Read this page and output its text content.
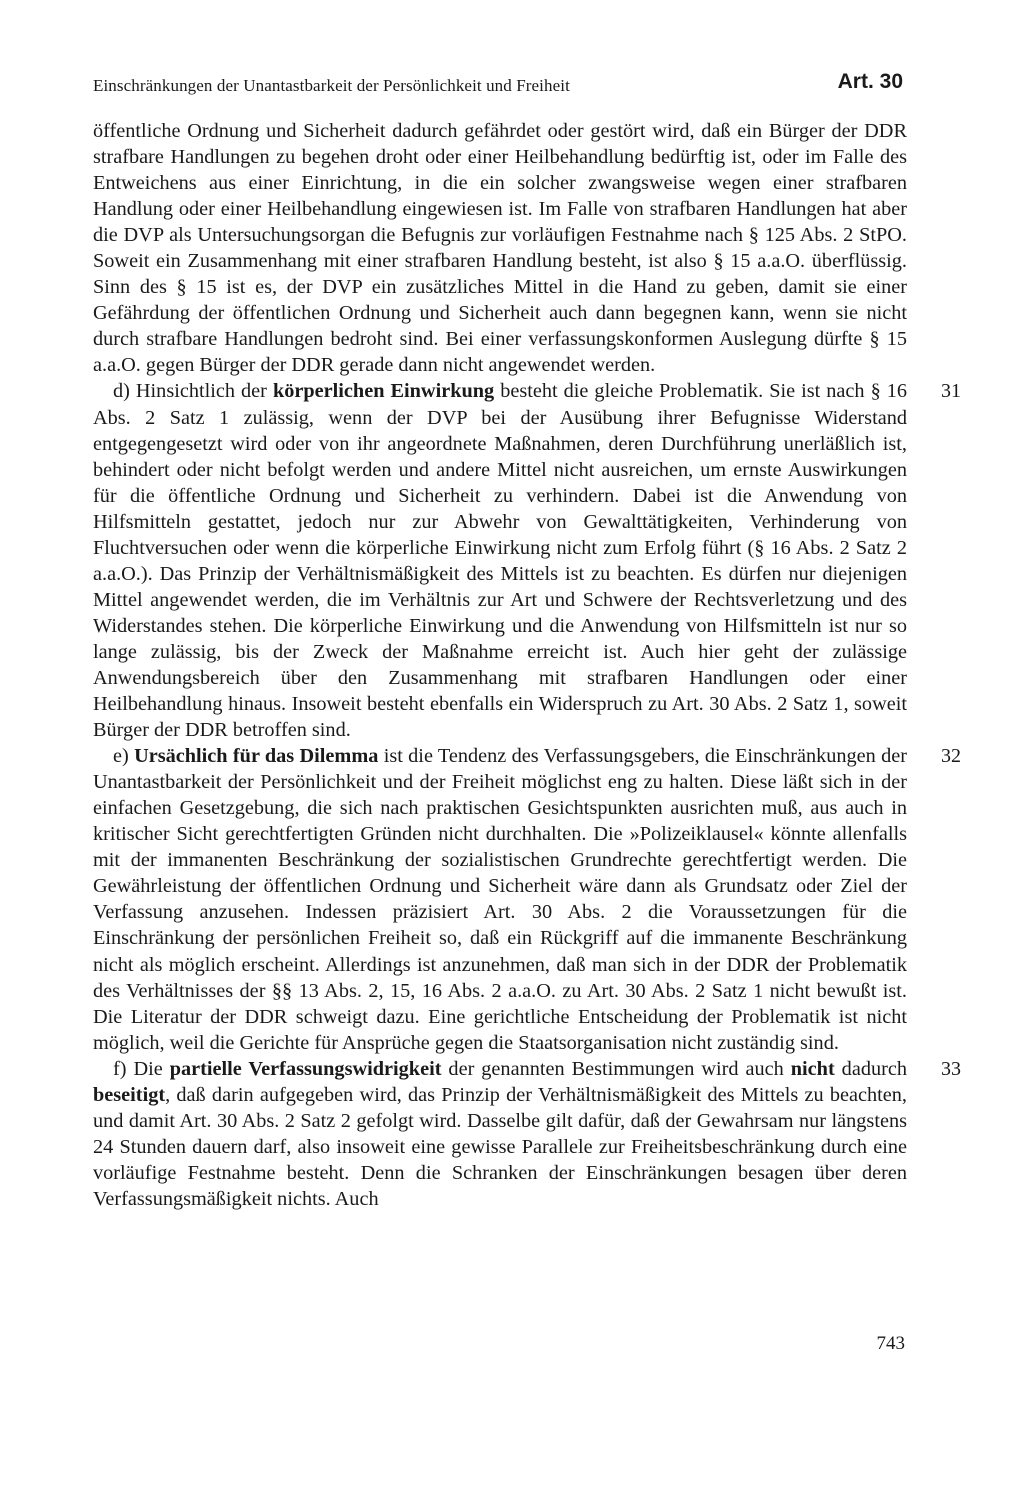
Einschränkungen der Unantastbarkeit der Persönlichkeit und Freiheit	Art. 30

öffentliche Ordnung und Sicherheit dadurch gefährdet oder gestört wird, daß ein Bürger der DDR strafbare Handlungen zu begehen droht oder einer Heilbehandlung bedürftig ist, oder im Falle des Entweichens aus einer Einrichtung, in die ein solcher zwangsweise wegen einer strafbaren Handlung oder einer Heilbehandlung eingewiesen ist. Im Falle von strafbaren Handlungen hat aber die DVP als Untersuchungsorgan die Befugnis zur vorläufigen Festnahme nach § 125 Abs. 2 StPO. Soweit ein Zusammenhang mit einer strafbaren Handlung besteht, ist also § 15 a.a.O. überflüssig. Sinn des § 15 ist es, der DVP ein zusätzliches Mittel in die Hand zu geben, damit sie einer Gefährdung der öffentlichen Ordnung und Sicherheit auch dann begegnen kann, wenn sie nicht durch strafbare Handlungen bedroht sind. Bei einer verfassungskonformen Auslegung dürfte § 15 a.a.O. gegen Bürger der DDR gerade dann nicht angewendet werden.

31

d) Hinsichtlich der körperlichen Einwirkung besteht die gleiche Problematik. Sie ist nach § 16 Abs. 2 Satz 1 zulässig, wenn der DVP bei der Ausübung ihrer Befugnisse Widerstand entgegengesetzt wird oder von ihr angeordnete Maßnahmen, deren Durchführung unerläßlich ist, behindert oder nicht befolgt werden und andere Mittel nicht ausreichen, um ernste Auswirkungen für die öffentliche Ordnung und Sicherheit zu verhindern. Dabei ist die Anwendung von Hilfsmitteln gestattet, jedoch nur zur Abwehr von Gewalttätigkeiten, Verhinderung von Fluchtversuchen oder wenn die körperliche Einwirkung nicht zum Erfolg führt (§ 16 Abs. 2 Satz 2 a.a.O.). Das Prinzip der Verhältnismäßigkeit des Mittels ist zu beachten. Es dürfen nur diejenigen Mittel angewendet werden, die im Verhältnis zur Art und Schwere der Rechtsverletzung und des Widerstandes stehen. Die körperliche Einwirkung und die Anwendung von Hilfsmitteln ist nur so lange zulässig, bis der Zweck der Maßnahme erreicht ist. Auch hier geht der zulässige Anwendungsbereich über den Zusammenhang mit strafbaren Handlungen oder einer Heilbehandlung hinaus. Insoweit besteht ebenfalls ein Widerspruch zu Art. 30 Abs. 2 Satz 1, soweit Bürger der DDR betroffen sind.

32

e) Ursächlich für das Dilemma ist die Tendenz des Verfassungsgebers, die Einschränkungen der Unantastbarkeit der Persönlichkeit und der Freiheit möglichst eng zu halten. Diese läßt sich in der einfachen Gesetzgebung, die sich nach praktischen Gesichtspunkten ausrichten muß, aus auch in kritischer Sicht gerechtfertigten Gründen nicht durchhalten. Die »Polizeiklausel« könnte allenfalls mit der immanenten Beschränkung der sozialistischen Grundrechte gerechtfertigt werden. Die Gewährleistung der öffentlichen Ordnung und Sicherheit wäre dann als Grundsatz oder Ziel der Verfassung anzusehen. Indessen präzisiert Art. 30 Abs. 2 die Voraussetzungen für die Einschränkung der persönlichen Freiheit so, daß ein Rückgriff auf die immanente Beschränkung nicht als möglich erscheint. Allerdings ist anzunehmen, daß man sich in der DDR der Problematik des Verhältnisses der §§ 13 Abs. 2, 15, 16 Abs. 2 a.a.O. zu Art. 30 Abs. 2 Satz 1 nicht bewußt ist. Die Literatur der DDR schweigt dazu. Eine gerichtliche Entscheidung der Problematik ist nicht möglich, weil die Gerichte für Ansprüche gegen die Staatsorganisation nicht zuständig sind.

33

f) Die partielle Verfassungswidrigkeit der genannten Bestimmungen wird auch nicht dadurch beseitigt, daß darin aufgegeben wird, das Prinzip der Verhältnismäßigkeit des Mittels zu beachten, und damit Art. 30 Abs. 2 Satz 2 gefolgt wird. Dasselbe gilt dafür, daß der Gewahrsam nur längstens 24 Stunden dauern darf, also insoweit eine gewisse Parallele zur Freiheitsbeschränkung durch eine vorläufige Festnahme besteht. Denn die Schranken der Einschränkungen besagen über deren Verfassungsmäßigkeit nichts. Auch

743
